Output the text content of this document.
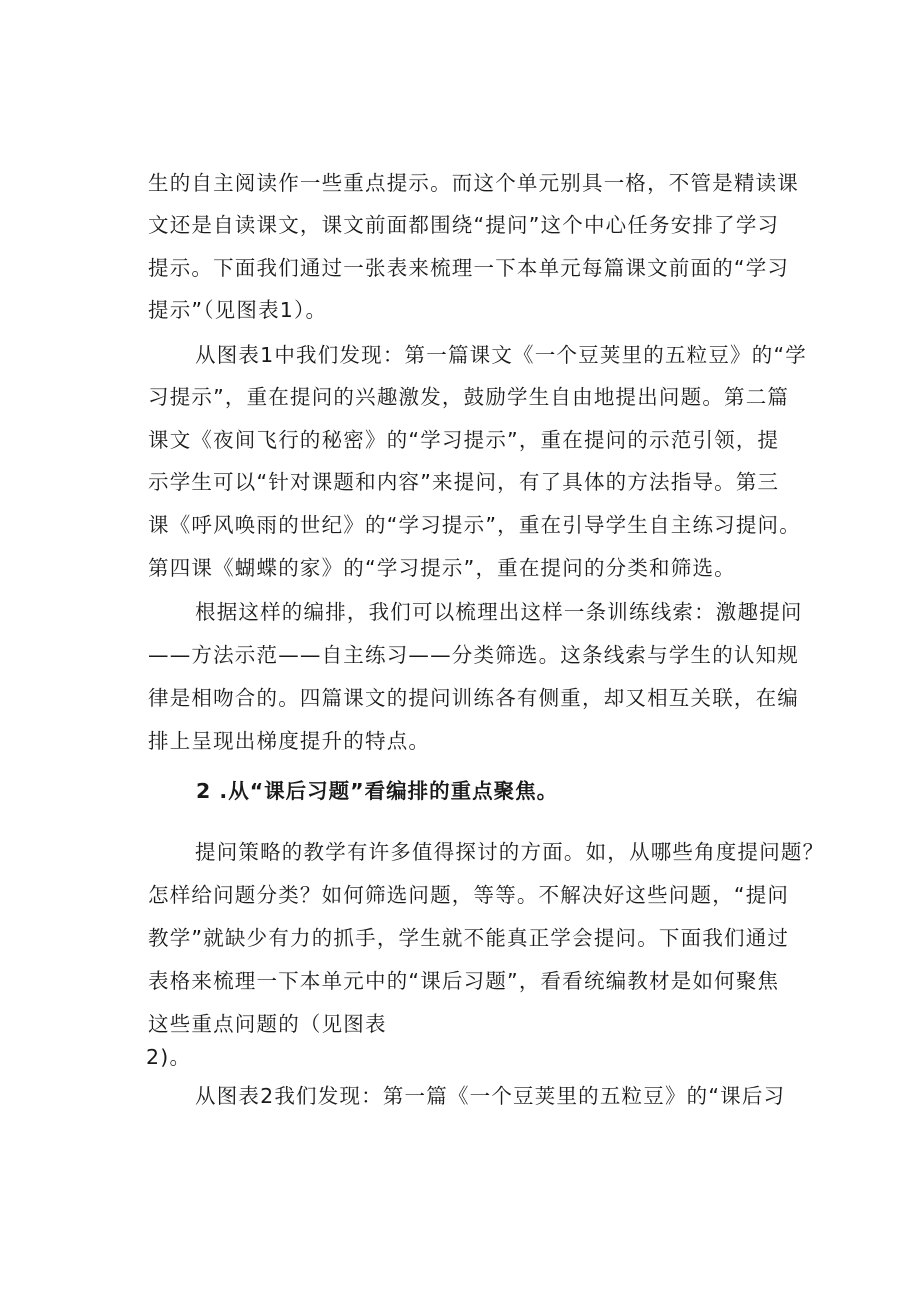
生的自主阅读作一些重点提示。而这个单元别具一格，不管是精读课
文还是自读课文，课文前面都围绕“提问”这个中心任务安排了学习
提示。下面我们通过一张表来梳理一下本单元每篇课文前面的“学习
提示”（见图表1）。
从图表1中我们发现：第一篇课文《一个豆荚里的五粒豆》的“学
习提示”，重在提问的兴趣激发，鼓励学生自由地提出问题。第二篇
课文《夜间飞行的秘密》的“学习提示”，重在提问的示范引领，提
示学生可以“针对课题和内容”来提问，有了具体的方法指导。第三
课《呼风唤雨的世纪》的“学习提示”，重在引导学生自主练习提问。
第四课《蝴蝶的家》的“学习提示”，重在提问的分类和筛选。
根据这样的编排，我们可以梳理出这样一条训练线索：激趣提问
——方法示范——自主练习——分类筛选。这条线索与学生的认知规
律是相吻合的。四篇课文的提问训练各有侧重，却又相互关联，在编
排上呈现出梯度提升的特点。
2 .从“课后习题”看编排的重点聚焦。
提问策略的教学有许多值得探讨的方面。如，从哪些角度提问题？
怎样给问题分类？如何筛选问题，等等。不解决好这些问题，“提问
教学”就缺少有力的抓手，学生就不能真正学会提问。下面我们通过
表格来梳理一下本单元中的“课后习题”，看看统编教材是如何聚焦
这些重点问题的（见图表
2)。
从图表2我们发现：第一篇《一个豆荚里的五粒豆》的“课后习
